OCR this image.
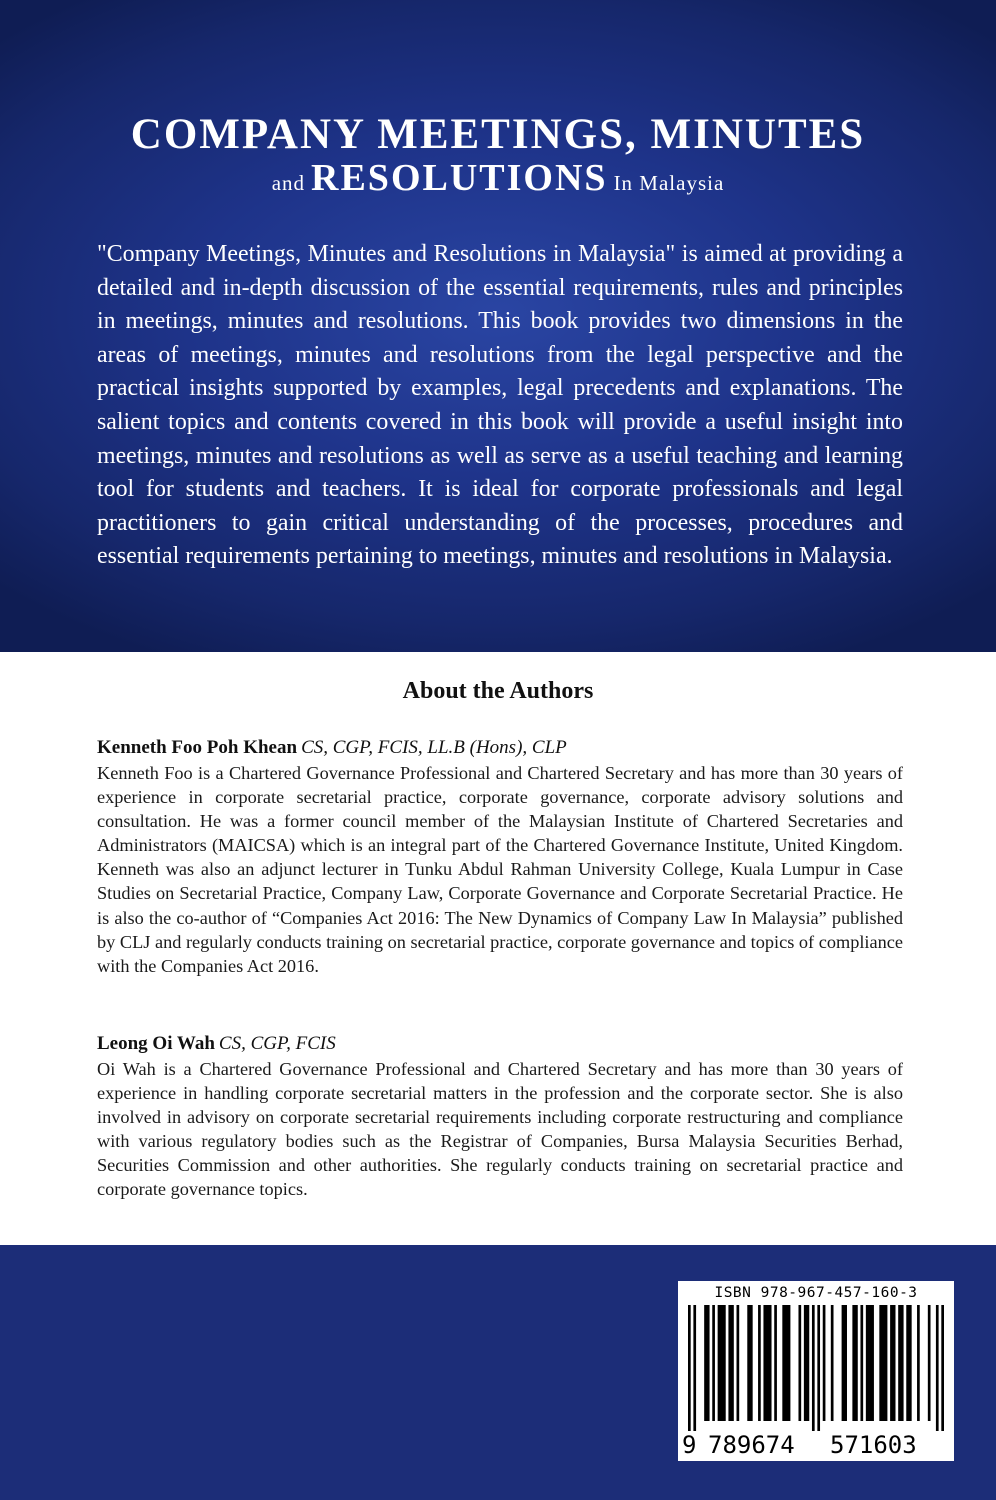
COMPANY MEETINGS, MINUTES
and RESOLUTIONS In Malaysia

"Company Meetings, Minutes and Resolutions in Malaysia" is aimed at providing a detailed and in-depth discussion of the essential requirements, rules and principles in meetings, minutes and resolutions. This book provides two dimensions in the areas of meetings, minutes and resolutions from the legal perspective and the practical insights supported by examples, legal precedents and explanations. The salient topics and contents covered in this book will provide a useful insight into meetings, minutes and resolutions as well as serve as a useful teaching and learning tool for students and teachers. It is ideal for corporate professionals and legal practitioners to gain critical understanding of the processes, procedures and essential requirements pertaining to meetings, minutes and resolutions in Malaysia.

About the Authors
Kenneth Foo Poh Khean CS, CGP, FCIS, LL.B (Hons), CLP

Kenneth Foo is a Chartered Governance Professional and Chartered Secretary and has more than 30 years of experience in corporate secretarial practice, corporate governance, corporate advisory solutions and consultation. He was a former council member of the Malaysian Institute of Chartered Secretaries and Administrators (MAICSA) which is an integral part of the Chartered Governance Institute, United Kingdom. Kenneth was also an adjunct lecturer in Tunku Abdul Rahman University College, Kuala Lumpur in Case Studies on Secretarial Practice, Company Law, Corporate Governance and Corporate Secretarial Practice. He is also the co-author of “Companies Act 2016: The New Dynamics of Company Law In Malaysia” published by CLJ and regularly conducts training on secretarial practice, corporate governance and topics of compliance with the Companies Act 2016.

Leong Oi Wah CS, CGP, FCIS

Oi Wah is a Chartered Governance Professional and Chartered Secretary and has more than 30 years of experience in handling corporate secretarial matters in the profession and the corporate sector. She is also involved in advisory on corporate secretarial requirements including corporate restructuring and compliance with various regulatory bodies such as the Registrar of Companies, Bursa Malaysia Securities Berhad, Securities Commission and other authorities. She regularly conducts training on secretarial practice and corporate governance topics.

ISBN 978-967-457-160-3
9 789674 571603
